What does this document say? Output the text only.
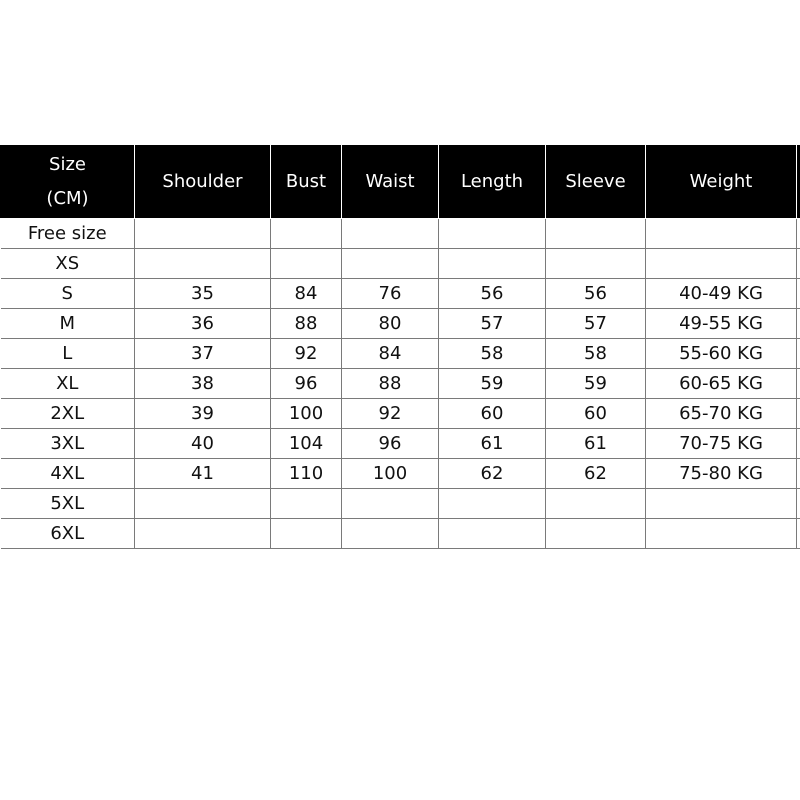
Size
(CM)	Shoulder	Bust	Waist	Length	Sleeve	Weight	
Free size							
XS							
S	35	84	76	56	56	40-49 KG	
M	36	88	80	57	57	49-55 KG	
L	37	92	84	58	58	55-60 KG	
XL	38	96	88	59	59	60-65 KG	
2XL	39	100	92	60	60	65-70 KG	
3XL	40	104	96	61	61	70-75 KG	
4XL	41	110	100	62	62	75-80 KG	
5XL							
6XL							
